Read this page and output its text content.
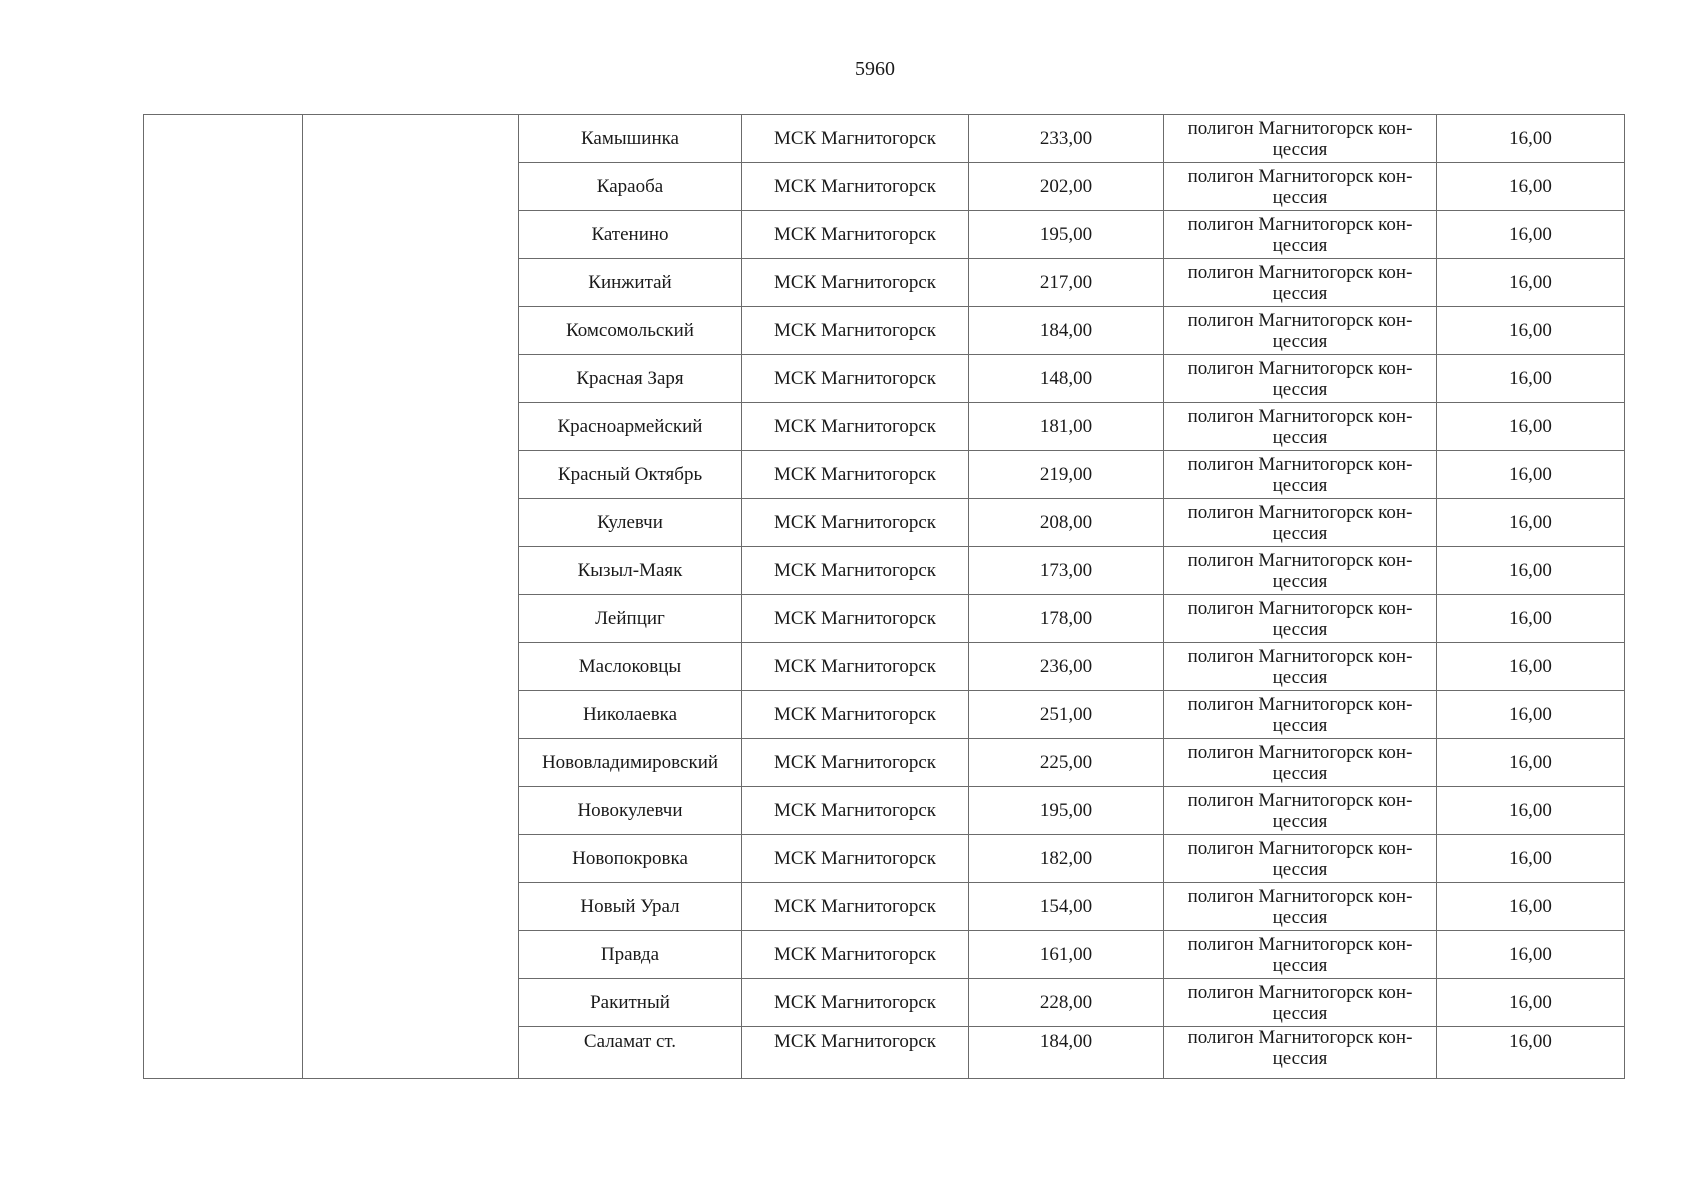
5960
		Камышинка	МСК Магнитогорск	233,00	полигон Магнитогорск кон-цессия	16,00
		Караоба	МСК Магнитогорск	202,00	полигон Магнитогорск кон-цессия	16,00
		Катенино	МСК Магнитогорск	195,00	полигон Магнитогорск кон-цессия	16,00
		Кинжитай	МСК Магнитогорск	217,00	полигон Магнитогорск кон-цессия	16,00
		Комсомольский	МСК Магнитогорск	184,00	полигон Магнитогорск кон-цессия	16,00
		Красная Заря	МСК Магнитогорск	148,00	полигон Магнитогорск кон-цессия	16,00
		Красноармейский	МСК Магнитогорск	181,00	полигон Магнитогорск кон-цессия	16,00
		Красный Октябрь	МСК Магнитогорск	219,00	полигон Магнитогорск кон-цессия	16,00
		Кулевчи	МСК Магнитогорск	208,00	полигон Магнитогорск кон-цессия	16,00
		Кызыл-Маяк	МСК Магнитогорск	173,00	полигон Магнитогорск кон-цессия	16,00
		Лейпциг	МСК Магнитогорск	178,00	полигон Магнитогорск кон-цессия	16,00
		Маслоковцы	МСК Магнитогорск	236,00	полигон Магнитогорск кон-цессия	16,00
		Николаевка	МСК Магнитогорск	251,00	полигон Магнитогорск кон-цессия	16,00
		Нововладимировский	МСК Магнитогорск	225,00	полигон Магнитогорск кон-цессия	16,00
		Новокулевчи	МСК Магнитогорск	195,00	полигон Магнитогорск кон-цессия	16,00
		Новопокровка	МСК Магнитогорск	182,00	полигон Магнитогорск кон-цессия	16,00
		Новый Урал	МСК Магнитогорск	154,00	полигон Магнитогорск кон-цессия	16,00
		Правда	МСК Магнитогорск	161,00	полигон Магнитогорск кон-цессия	16,00
		Ракитный	МСК Магнитогорск	228,00	полигон Магнитогорск кон-цессия	16,00
		Саламат ст.	МСК Магнитогорск	184,00	полигон Магнитогорск кон-цессия	16,00
